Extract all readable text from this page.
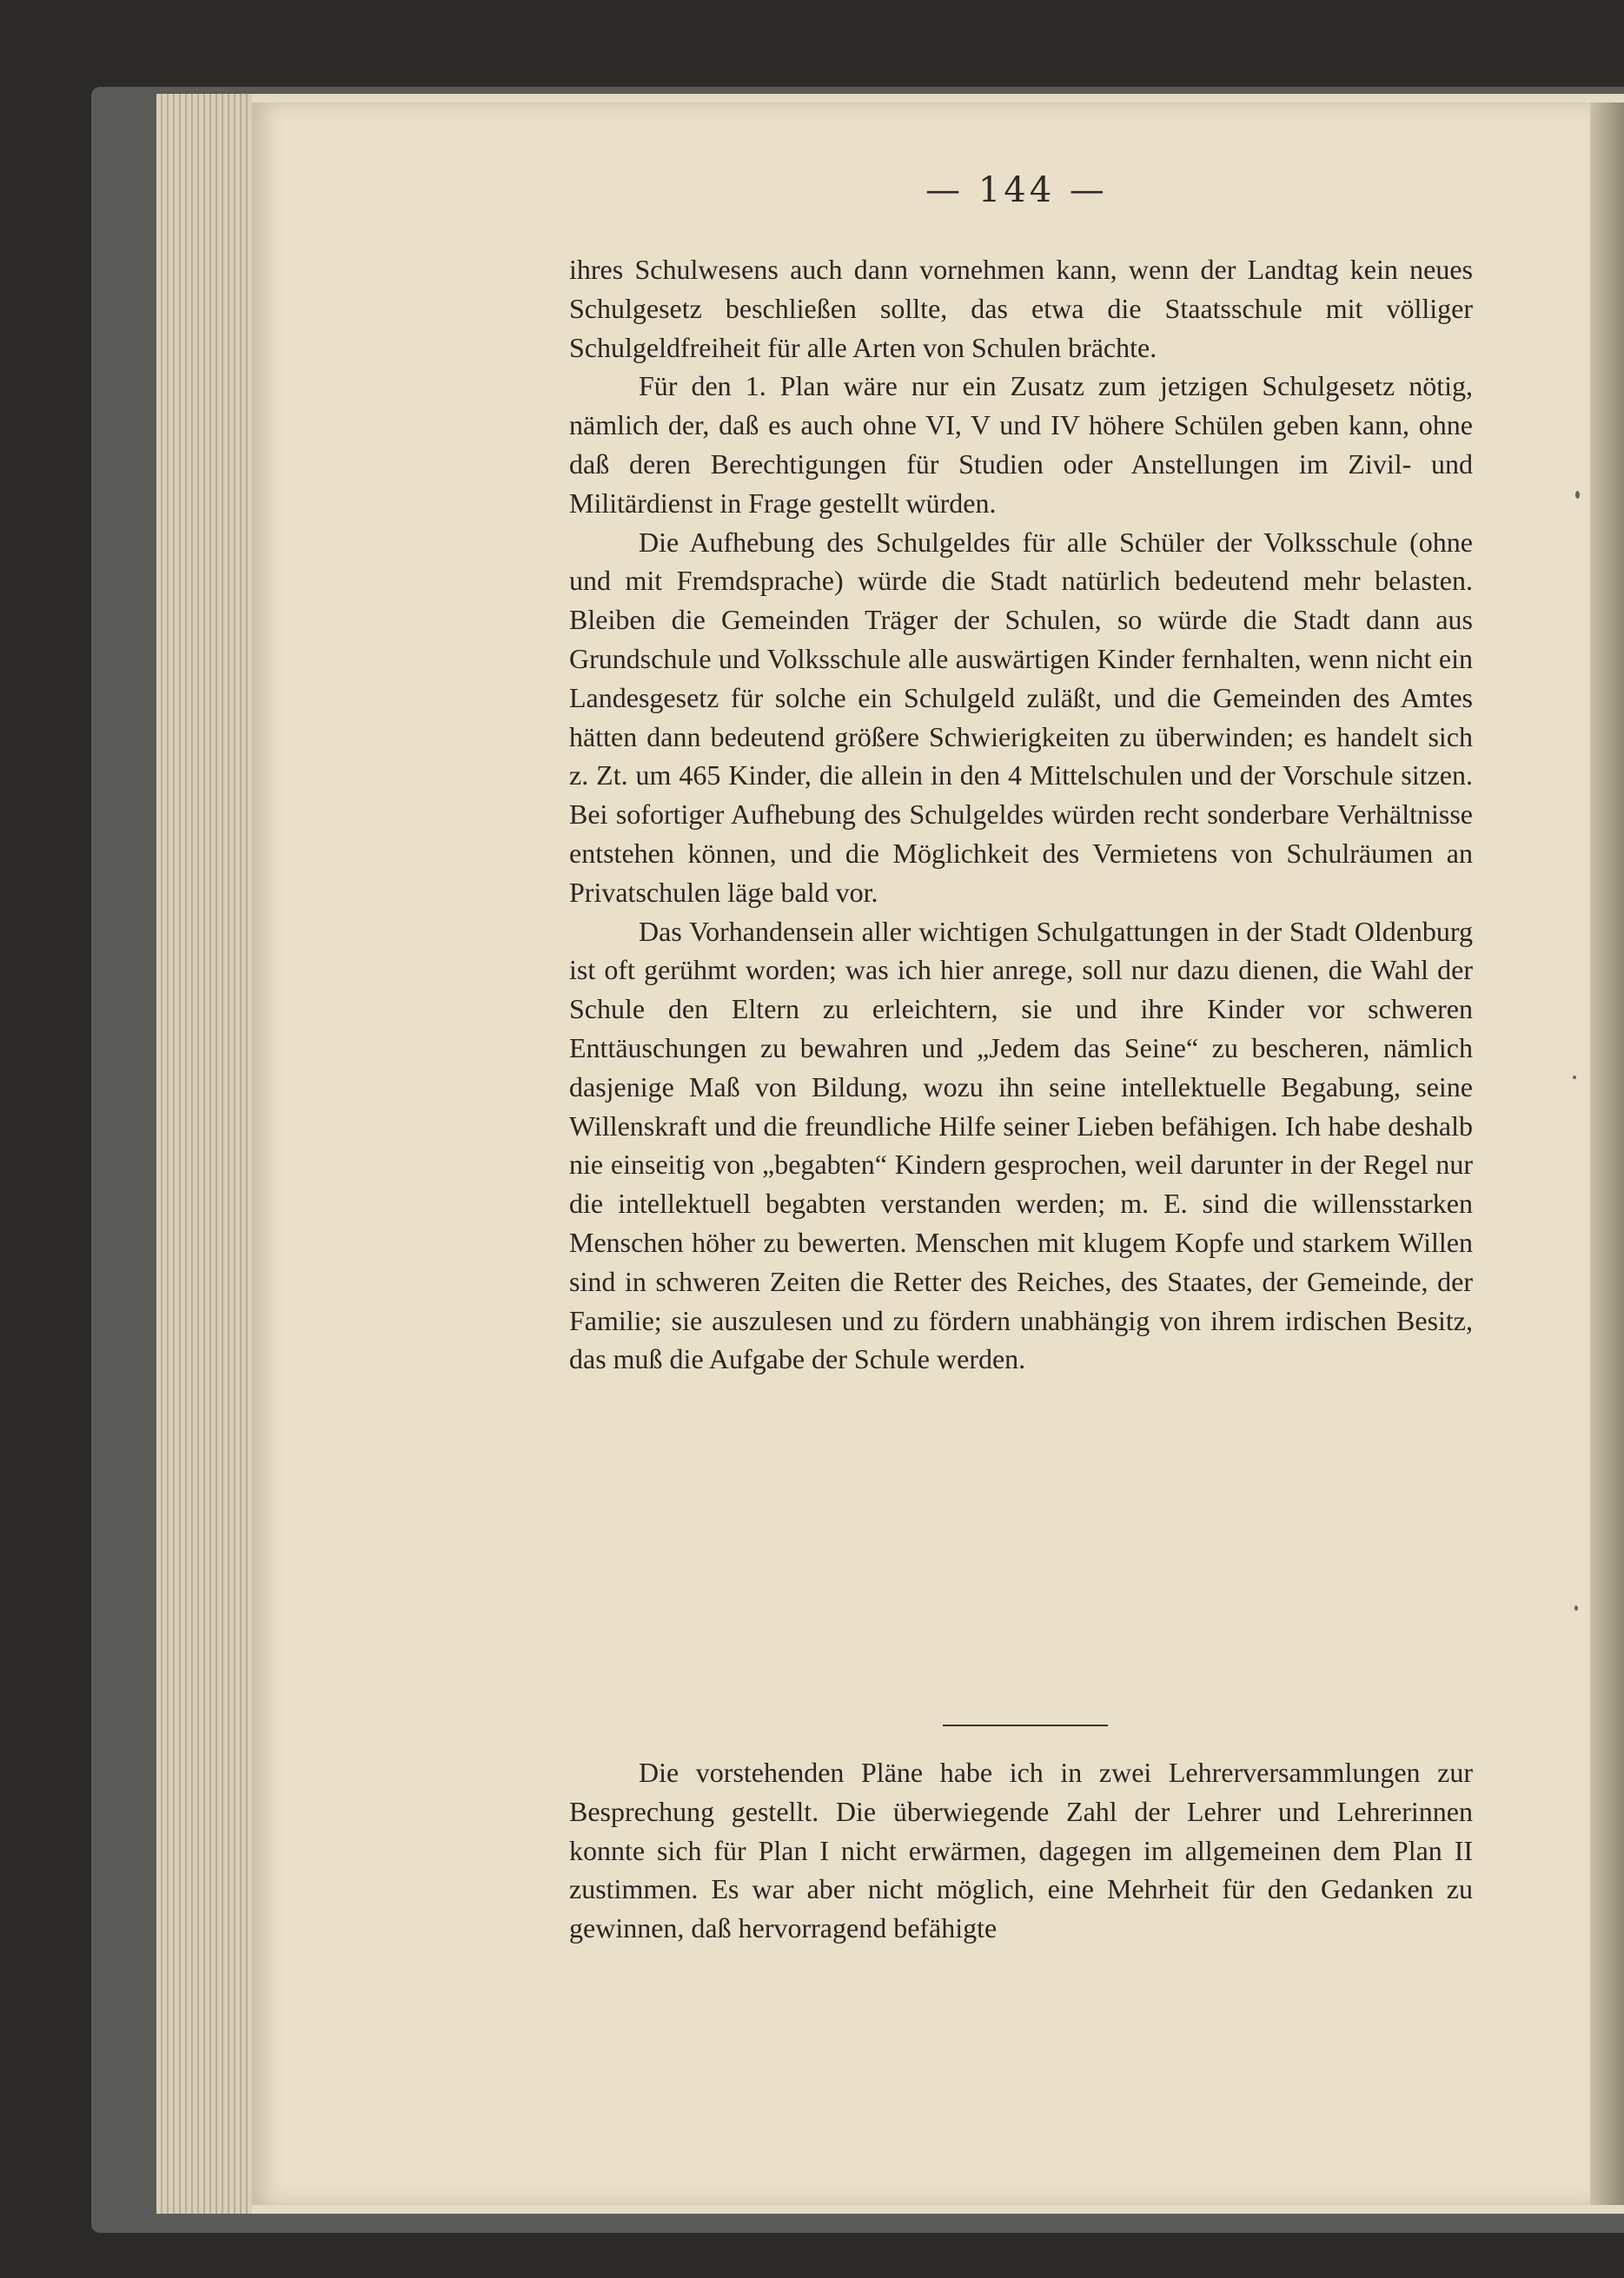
— 144 —

ihres Schulwesens auch dann vornehmen kann, wenn der Landtag kein neues Schulgesetz beschließen sollte, das etwa die Staatsschule mit völliger Schulgeldfreiheit für alle Arten von Schulen brächte.

Für den 1. Plan wäre nur ein Zusatz zum jetzigen Schulgesetz nötig, nämlich der, daß es auch ohne VI, V und IV höhere Schülen geben kann, ohne daß deren Berechtigungen für Studien oder Anstellungen im Zivil- und Militärdienst in Frage gestellt würden.

Die Aufhebung des Schulgeldes für alle Schüler der Volksschule (ohne und mit Fremdsprache) würde die Stadt natürlich bedeutend mehr belasten. Bleiben die Gemeinden Träger der Schulen, so würde die Stadt dann aus Grundschule und Volksschule alle auswärtigen Kinder fernhalten, wenn nicht ein Landesgesetz für solche ein Schulgeld zuläßt, und die Gemeinden des Amtes hätten dann bedeutend größere Schwierigkeiten zu überwinden; es handelt sich z. Zt. um 465 Kinder, die allein in den 4 Mittelschulen und der Vorschule sitzen. Bei sofortiger Aufhebung des Schulgeldes würden recht sonderbare Verhältnisse entstehen können, und die Möglichkeit des Vermietens von Schulräumen an Privatschulen läge bald vor.

Das Vorhandensein aller wichtigen Schulgattungen in der Stadt Oldenburg ist oft gerühmt worden; was ich hier anrege, soll nur dazu dienen, die Wahl der Schule den Eltern zu erleichtern, sie und ihre Kinder vor schweren Enttäuschungen zu bewahren und „Jedem das Seine“ zu bescheren, nämlich dasjenige Maß von Bildung, wozu ihn seine intellektuelle Begabung, seine Willenskraft und die freundliche Hilfe seiner Lieben befähigen. Ich habe deshalb nie einseitig von „begabten“ Kindern gesprochen, weil darunter in der Regel nur die intellektuell begabten verstanden werden; m. E. sind die willensstarken Menschen höher zu bewerten. Menschen mit klugem Kopfe und starkem Willen sind in schweren Zeiten die Retter des Reiches, des Staates, der Gemeinde, der Familie; sie auszulesen und zu fördern unabhängig von ihrem irdischen Besitz, das muß die Aufgabe der Schule werden.

Die vorstehenden Pläne habe ich in zwei Lehrerversammlungen zur Besprechung gestellt. Die überwiegende Zahl der Lehrer und Lehrerinnen konnte sich für Plan I nicht erwärmen, dagegen im allgemeinen dem Plan II zustimmen. Es war aber nicht möglich, eine Mehrheit für den Gedanken zu gewinnen, daß hervorragend befähigte
